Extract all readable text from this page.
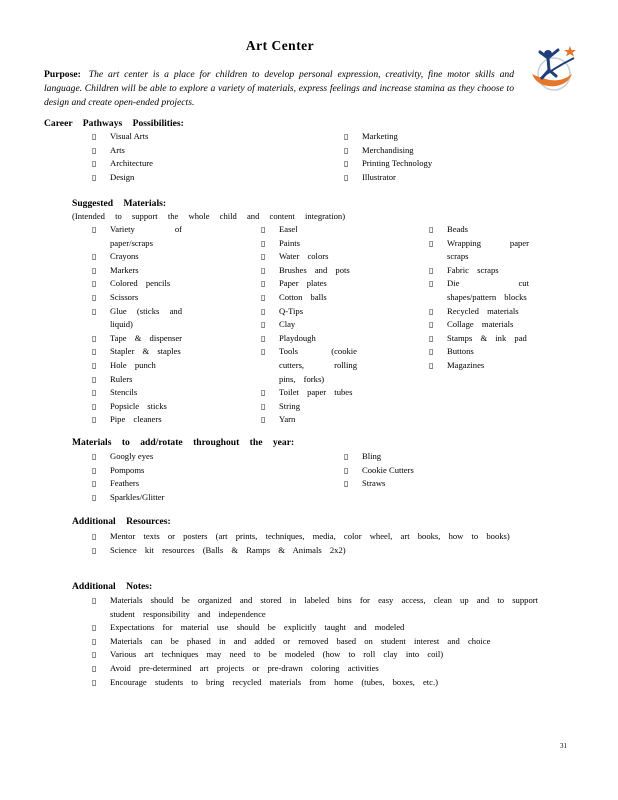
Art Center
Purpose: The art center is a place for children to develop personal expression, creativity, fine motor skills and language. Children will be able to explore a variety of materials, express feelings and increase stamina as they choose to design and create open-ended projects.
Career Pathways Possibilities:
▯ Visual Arts
▯ Arts
▯ Architecture
▯ Design
▯ Marketing
▯ Merchandising
▯ Printing Technology
▯ Illustrator
Suggested Materials:
(Intended to support the whole child and content integration)
▯ Variety of paper/scraps
▯ Crayons
▯ Markers
▯ Colored pencils
▯ Scissors
▯ Glue (sticks and liquid)
▯ Tape & dispenser
▯ Stapler & staples
▯ Hole punch
▯ Rulers
▯ Stencils
▯ Popsicle sticks
▯ Pipe cleaners
▯ Easel
▯ Paints
▯ Water colors
▯ Brushes and pots
▯ Paper plates
▯ Cotton balls
▯ Q-Tips
▯ Clay
▯ Playdough
▯ Tools (cookie cutters, rolling pins, forks)
▯ Toilet paper tubes
▯ String
▯ Yarn
▯ Beads
▯ Wrapping paper scraps
▯ Fabric scraps
▯ Die cut shapes/pattern blocks
▯ Recycled materials
▯ Collage materials
▯ Stamps & ink pad
▯ Buttons
▯ Magazines
Materials to add/rotate throughout the year:
▯ Googly eyes
▯ Pompoms
▯ Feathers
▯ Sparkles/Glitter
▯ Bling
▯ Cookie Cutters
▯ Straws
Additional Resources:
▯ Mentor texts or posters (art prints, techniques, media, color wheel, art books, how to books)
▯ Science kit resources (Balls & Ramps & Animals 2x2)
Additional Notes:
▯ Materials should be organized and stored in labeled bins for easy access, clean up and to support student responsibility and independence
▯ Expectations for material use should be explicitly taught and modeled
▯ Materials can be phased in and added or removed based on student interest and choice
▯ Various art techniques may need to be modeled (how to roll clay into coil)
▯ Avoid pre-determined art projects or pre-drawn coloring activities
▯ Encourage students to bring recycled materials from home (tubes, boxes, etc.)
31
